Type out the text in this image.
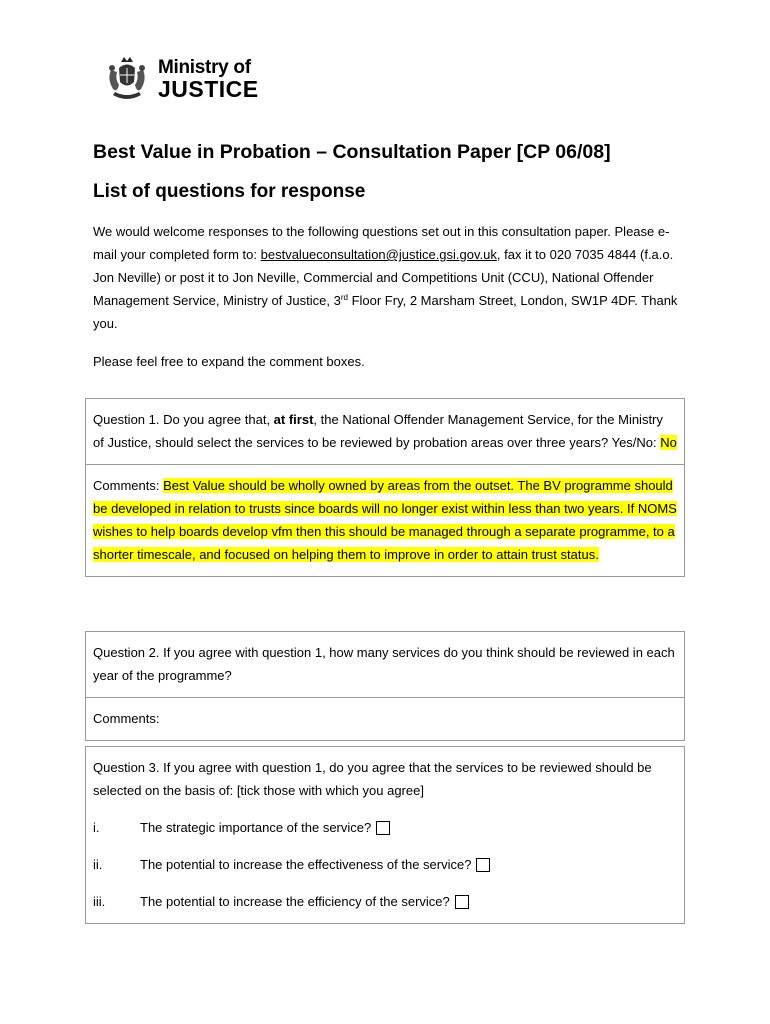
Ministry of
JUSTICE
Best Value in Probation – Consultation Paper [CP 06/08]
List of questions for response

We would welcome responses to the following questions set out in this consultation paper. Please e-mail your completed form to: bestvalueconsultation@justice.gsi.gov.uk, fax it to 020 7035 4844 (f.a.o. Jon Neville) or post it to Jon Neville, Commercial and Competitions Unit (CCU), National Offender Management Service, Ministry of Justice, 3rd Floor Fry, 2 Marsham Street, London, SW1P 4DF. Thank you.

Please feel free to expand the comment boxes.

Question 1. Do you agree that, at first, the National Offender Management Service, for the Ministry of Justice, should select the services to be reviewed by probation areas over three years? Yes/No: No
Comments: Best Value should be wholly owned by areas from the outset. The BV programme should be developed in relation to trusts since boards will no longer exist within less than two years. If NOMS wishes to help boards develop vfm then this should be managed through a separate programme, to a shorter timescale, and focused on helping them to improve in order to attain trust status.
Question 2. If you agree with question 1, how many services do you think should be reviewed in each year of the programme?
Comments:
Question 3. If you agree with question 1, do you agree that the services to be reviewed should be selected on the basis of: [tick those with which you agree]
i.	The strategic importance of the service?
ii.	The potential to increase the effectiveness of the service?
iii.	The potential to increase the efficiency of the service?
